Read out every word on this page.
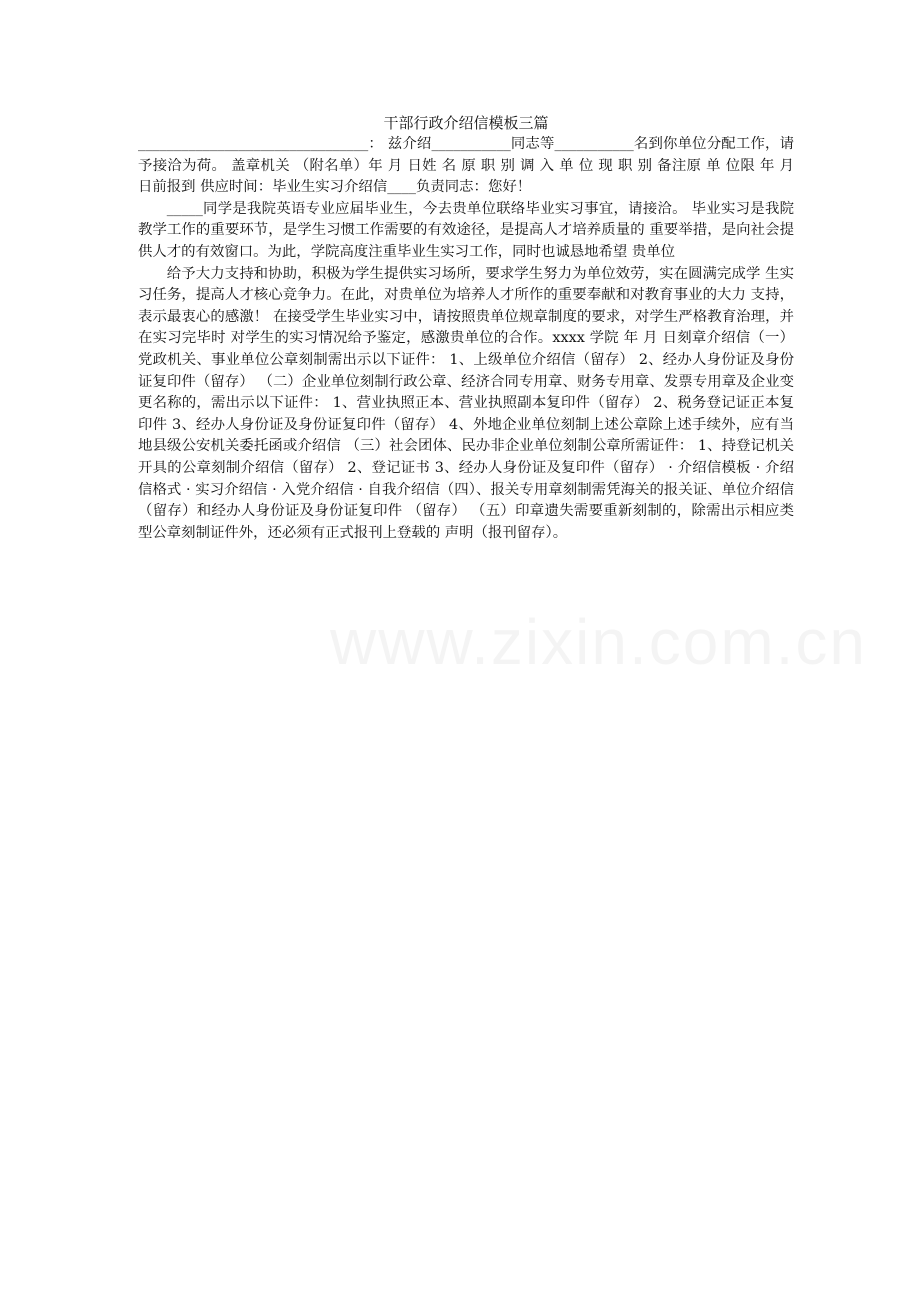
干部行政介绍信模板三篇

________________________________： 兹介绍___________同志等___________名到你单位分配工作，请予接洽为荷。 盖章机关 （附名单）年 月 日姓 名 原 职 别 调 入 单 位 现 职 别 备注原 单 位限 年 月 日前报到 供应时间：毕业生实习介绍信____负责同志：您好！

_____同学是我院英语专业应届毕业生，今去贵单位联络毕业实习事宜，请接洽。 毕业实习是我院教学工作的重要环节，是学生习惯工作需要的有效途径，是提高人才培养质量的 重要举措，是向社会提供人才的有效窗口。为此，学院高度注重毕业生实习工作，同时也诚恳地希望 贵单位

给予大力支持和协助，积极为学生提供实习场所，要求学生努力为单位效劳，实在圆满完成学 生实习任务，提高人才核心竞争力。在此，对贵单位为培养人才所作的重要奉献和对教育事业的大力 支持，表示最衷心的感激！ 在接受学生毕业实习中，请按照贵单位规章制度的要求，对学生严格教育治理，并在实习完毕时 对学生的实习情况给予鉴定，感激贵单位的合作。xxxx 学院 年 月 日刻章介绍信（一）党政机关、事业单位公章刻制需出示以下证件： 1、上级单位介绍信（留存） 2、经办人身份证及身份证复印件（留存） （二）企业单位刻制行政公章、经济合同专用章、财务专用章、发票专用章及企业变更名称的，需出示以下证件： 1、营业执照正本、营业执照副本复印件（留存） 2、税务登记证正本复印件 3、经办人身份证及身份证复印件（留存） 4、外地企业单位刻制上述公章除上述手续外，应有当地县级公安机关委托函或介绍信 （三）社会团体、民办非企业单位刻制公章所需证件： 1、持登记机关开具的公章刻制介绍信（留存） 2、登记证书 3、经办人身份证及复印件（留存） · 介绍信模板 · 介绍信格式 · 实习介绍信 · 入党介绍信 · 自我介绍信（四）、报关专用章刻制需凭海关的报关证、单位介绍信（留存）和经办人身份证及身份证复印件 （留存） （五）印章遗失需要重新刻制的，除需出示相应类型公章刻制证件外，还必须有正式报刊上登载的 声明（报刊留存）。
